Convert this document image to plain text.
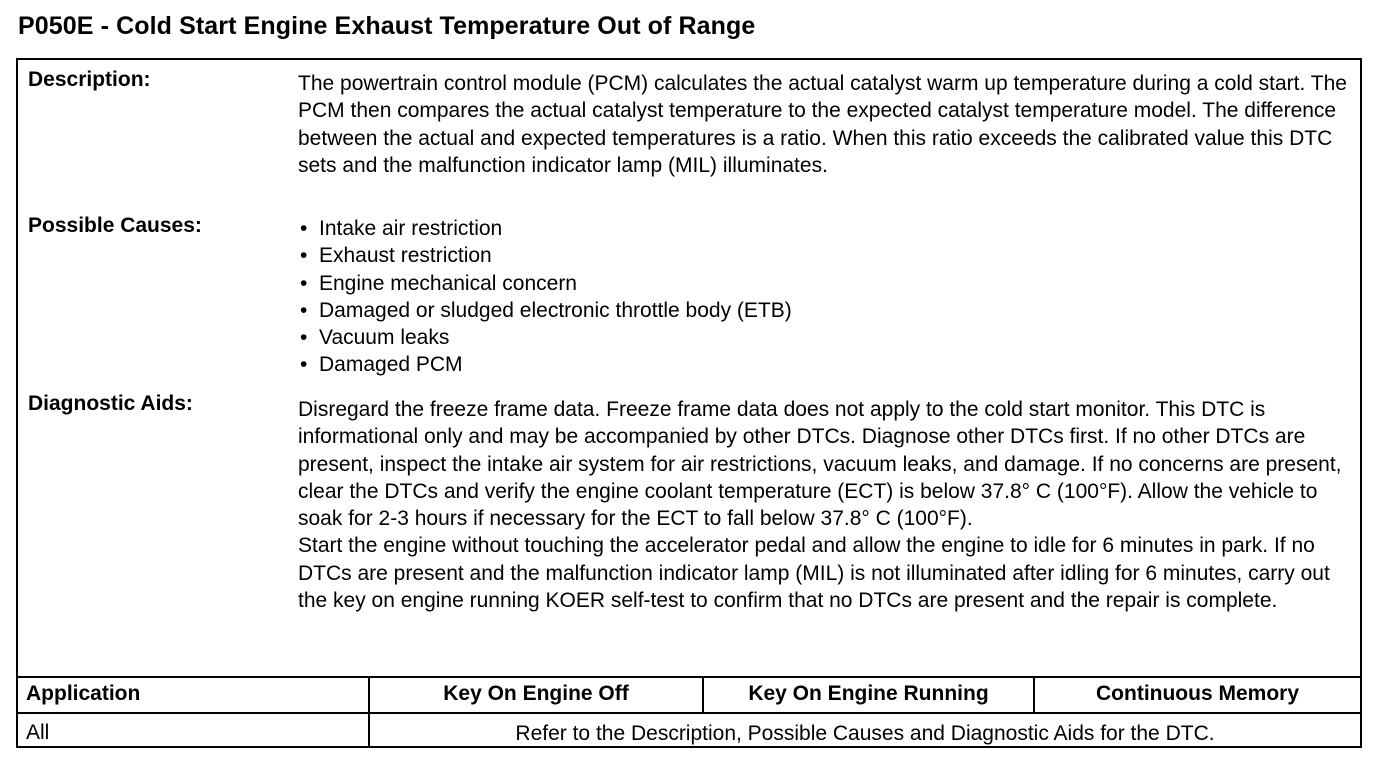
P050E - Cold Start Engine Exhaust Temperature Out of Range
Description:	The powertrain control module (PCM) calculates the actual catalyst warm up temperature during a cold start. The PCM then compares the actual catalyst temperature to the expected catalyst temperature model. The difference between the actual and expected temperatures is a ratio. When this ratio exceeds the calibrated value this DTC sets and the malfunction indicator lamp (MIL) illuminates.

Possible Causes:
•	Intake air restriction
• Exhaust restriction
• Engine mechanical concern
• Damaged or sludged electronic throttle body (ETB)
• Vacuum leaks
• Damaged PCM
Diagnostic Aids:	Disregard the freeze frame data. Freeze frame data does not apply to the cold start monitor. This DTC is informational only and may be accompanied by other DTCs. Diagnose other DTCs first. If no other DTCs are present, inspect the intake air system for air restrictions, vacuum leaks, and damage. If no concerns are present, clear the DTCs and verify the engine coolant temperature (ECT) is below 37.8° C (100°F). Allow the vehicle to soak for 2-3 hours if necessary for the ECT to fall below 37.8° C (100°F).

Start the engine without touching the accelerator pedal and allow the engine to idle for 6 minutes in park. If no DTCs are present and the malfunction indicator lamp (MIL) is not illuminated after idling for 6 minutes, carry out the key on engine running KOER self-test to confirm that no DTCs are present and the repair is complete.

Application	Key On Engine Off	Key On Engine Running	Continuous Memory
All	Refer to the Description, Possible Causes and Diagnostic Aids for the DTC.
